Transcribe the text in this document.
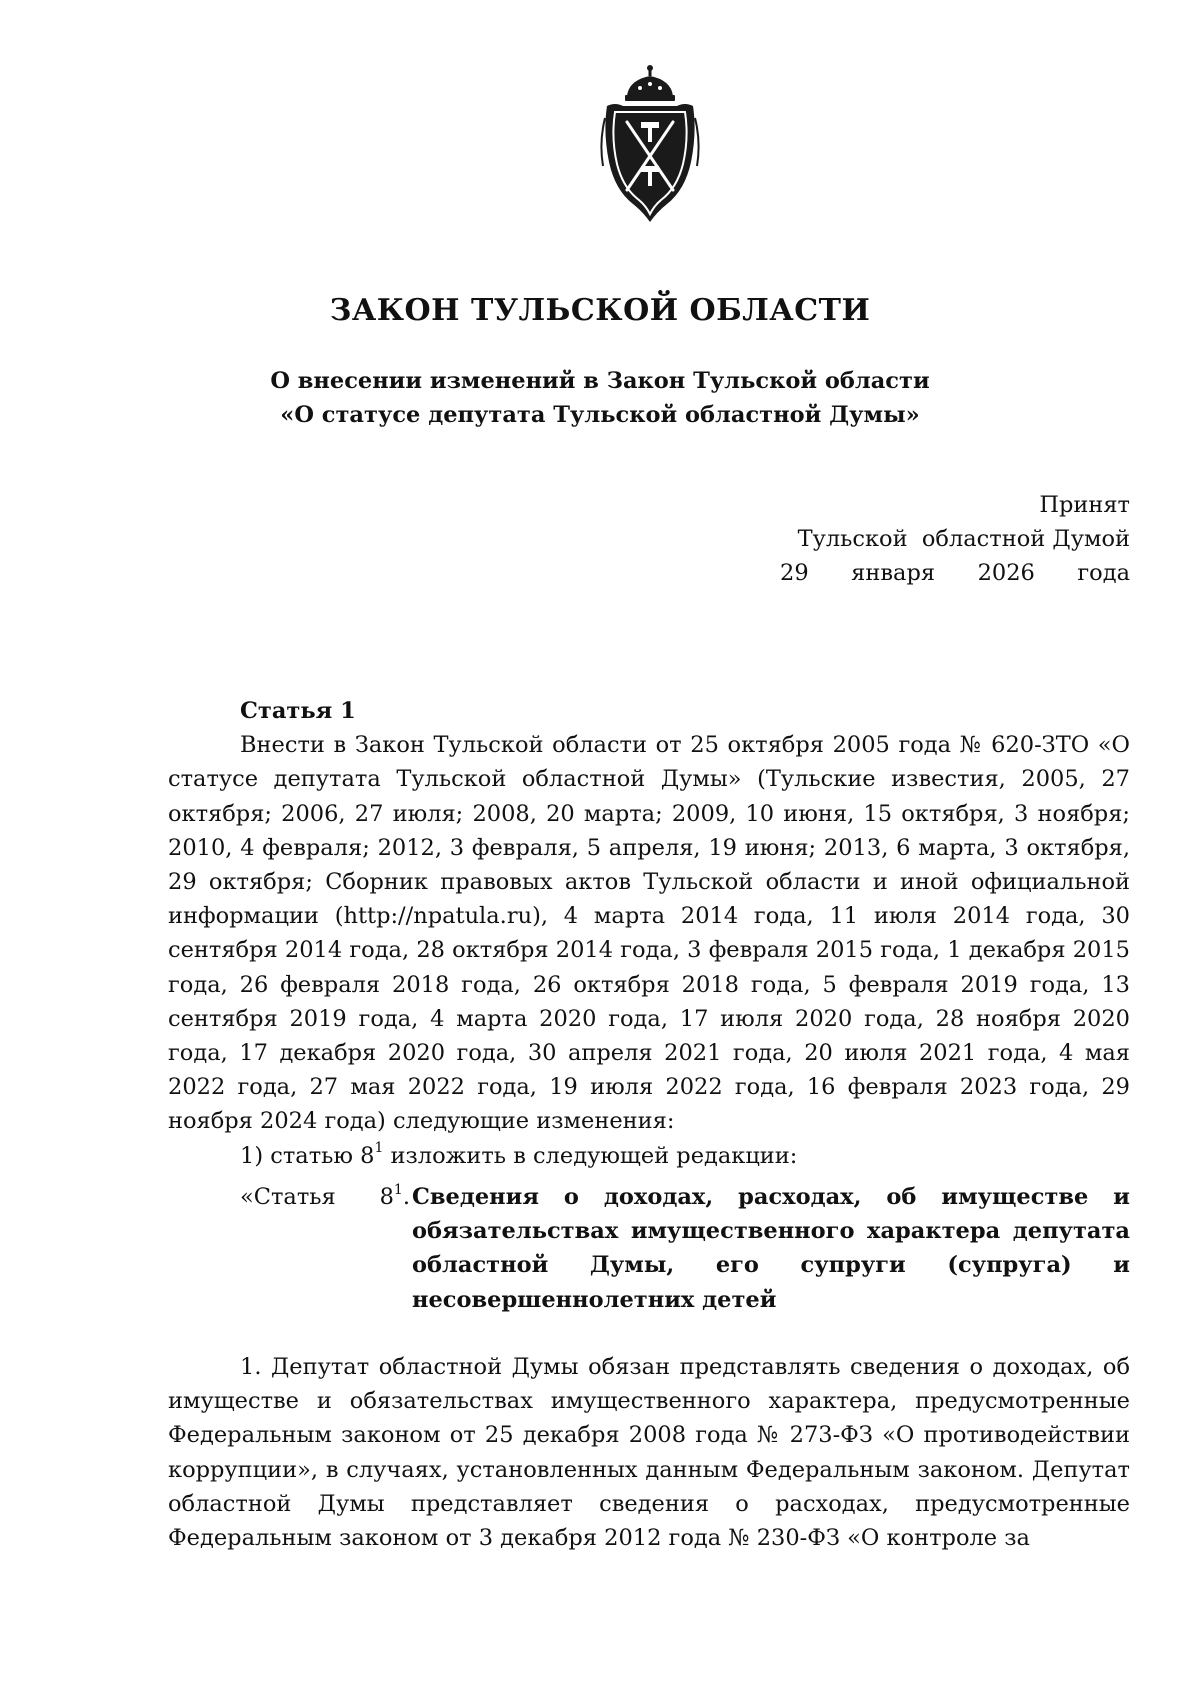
ЗАКОН ТУЛЬСКОЙ ОБЛАСТИ
О внесении изменений в Закон Тульской области
«О статусе депутата Тульской областной Думы»
Принят
Тульской  областной Думой
29 января 2026 года

Статья 1

Внести в Закон Тульской области от 25 октября 2005 года № 620-ЗТО «О статусе депутата Тульской областной Думы» (Тульские известия, 2005, 27 октября; 2006, 27 июля; 2008, 20 марта; 2009, 10 июня, 15 октября, 3 ноября; 2010, 4 февраля; 2012, 3 февраля, 5 апреля, 19 июня; 2013, 6 марта, 3 октября, 29 октября; Сборник правовых актов Тульской области и иной официальной информации (http://npatula.ru), 4 марта 2014 года, 11 июля 2014 года, 30 сентября 2014 года, 28 октября 2014 года, 3 февраля 2015 года, 1 декабря 2015 года, 26 февраля 2018 года, 26 октября 2018 года, 5 февраля 2019 года, 13 сентября 2019 года, 4 марта 2020 года, 17 июля 2020 года, 28 ноября 2020 года, 17 декабря 2020 года, 30 апреля 2021 года, 20 июля 2021 года, 4 мая 2022 года, 27 мая 2022 года, 19 июля 2022 года, 16 февраля 2023 года, 29 ноября 2024 года) следующие изменения:

1) статью $8^1$ изложить в следующей редакции:

«Статья $8^1$. Сведения о доходах, расходах, об имуществе и обязательствах имущественного характера депутата областной Думы, его супруги (супруга) и несовершеннолетних детей

1. Депутат областной Думы обязан представлять сведения о доходах, об имуществе и обязательствах имущественного характера, предусмотренные Федеральным законом от 25 декабря 2008 года № 273-ФЗ «О противодействии коррупции», в случаях, установленных данным Федеральным законом. Депутат областной Думы представляет сведения о расходах, предусмотренные Федеральным законом от 3 декабря 2012 года № 230-ФЗ «О контроле за
